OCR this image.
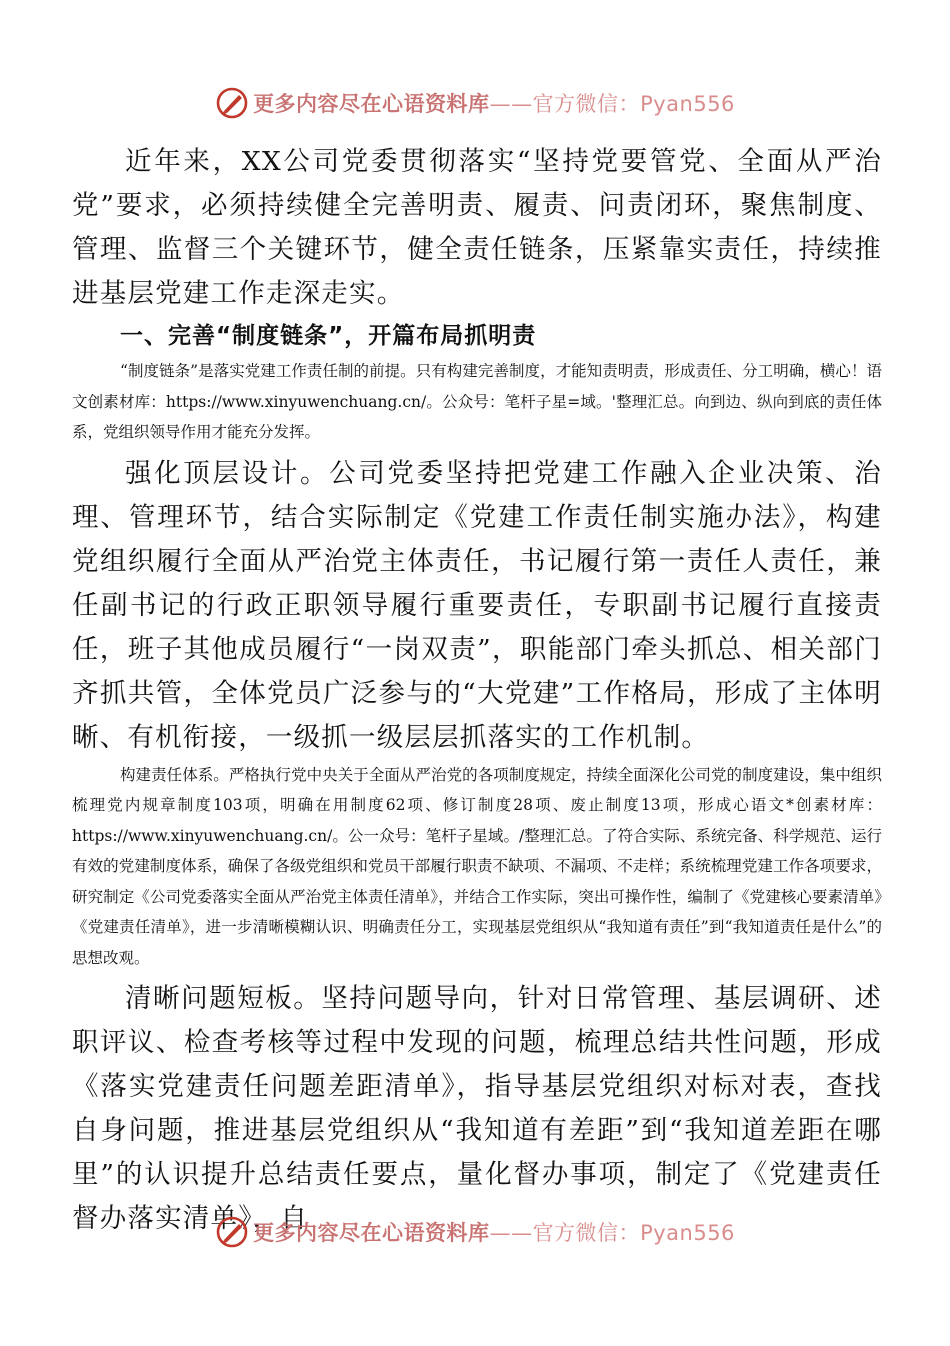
更多内容尽在心语资料库——官方微信：Pyan556

近年来，XX公司党委贯彻落实“坚持党要管党、全面从严治党”要求，必须持续健全完善明责、履责、问责闭环，聚焦制度、管理、监督三个关键环节，健全责任链条，压紧靠实责任，持续推进基层党建工作走深走实。

一、完善“制度链条”，开篇布局抓明责

“制度链条”是落实党建工作责任制的前提。只有构建完善制度，才能知责明责，形成责任、分工明确，横心！语文创素材库：https://www.xinyuwenchuang.cn/。公众号：笔杆子星=域。'整理汇总。向到边、纵向到底的责任体系，党组织领导作用才能充分发挥。

强化顶层设计。公司党委坚持把党建工作融入企业决策、治理、管理环节，结合实际制定《党建工作责任制实施办法》，构建党组织履行全面从严治党主体责任，书记履行第一责任人责任，兼任副书记的行政正职领导履行重要责任，专职副书记履行直接责任，班子其他成员履行“一岗双责”，职能部门牵头抓总、相关部门齐抓共管，全体党员广泛参与的“大党建”工作格局，形成了主体明晰、有机衔接，一级抓一级层层抓落实的工作机制。

构建责任体系。严格执行党中央关于全面从严治党的各项制度规定，持续全面深化公司党的制度建设，集中组织梳理党内规章制度103项，明确在用制度62项、修订制度28项、废止制度13项，形成心语文*创素材库：https://www.xinyuwenchuang.cn/。公一众号：笔杆子星域。/整理汇总。了符合实际、系统完备、科学规范、运行有效的党建制度体系，确保了各级党组织和党员干部履行职责不缺项、不漏项、不走样；系统梳理党建工作各项要求，研究制定《公司党委落实全面从严治党主体责任清单》，并结合工作实际，突出可操作性，编制了《党建核心要素清单》《党建责任清单》，进一步清晰模糊认识、明确责任分工，实现基层党组织从“我知道有责任”到“我知道责任是什么”的思想改观。

清晰问题短板。坚持问题导向，针对日常管理、基层调研、述职评议、检查考核等过程中发现的问题，梳理总结共性问题，形成《落实党建责任问题差距清单》，指导基层党组织对标对表，查找自身问题，推进基层党组织从“我知道有差距”到“我知道差距在哪里”的认识提升总结责任要点，量化督办事项，制定了《党建责任督办落实清单》，自

更多内容尽在心语资料库——官方微信：Pyan556
